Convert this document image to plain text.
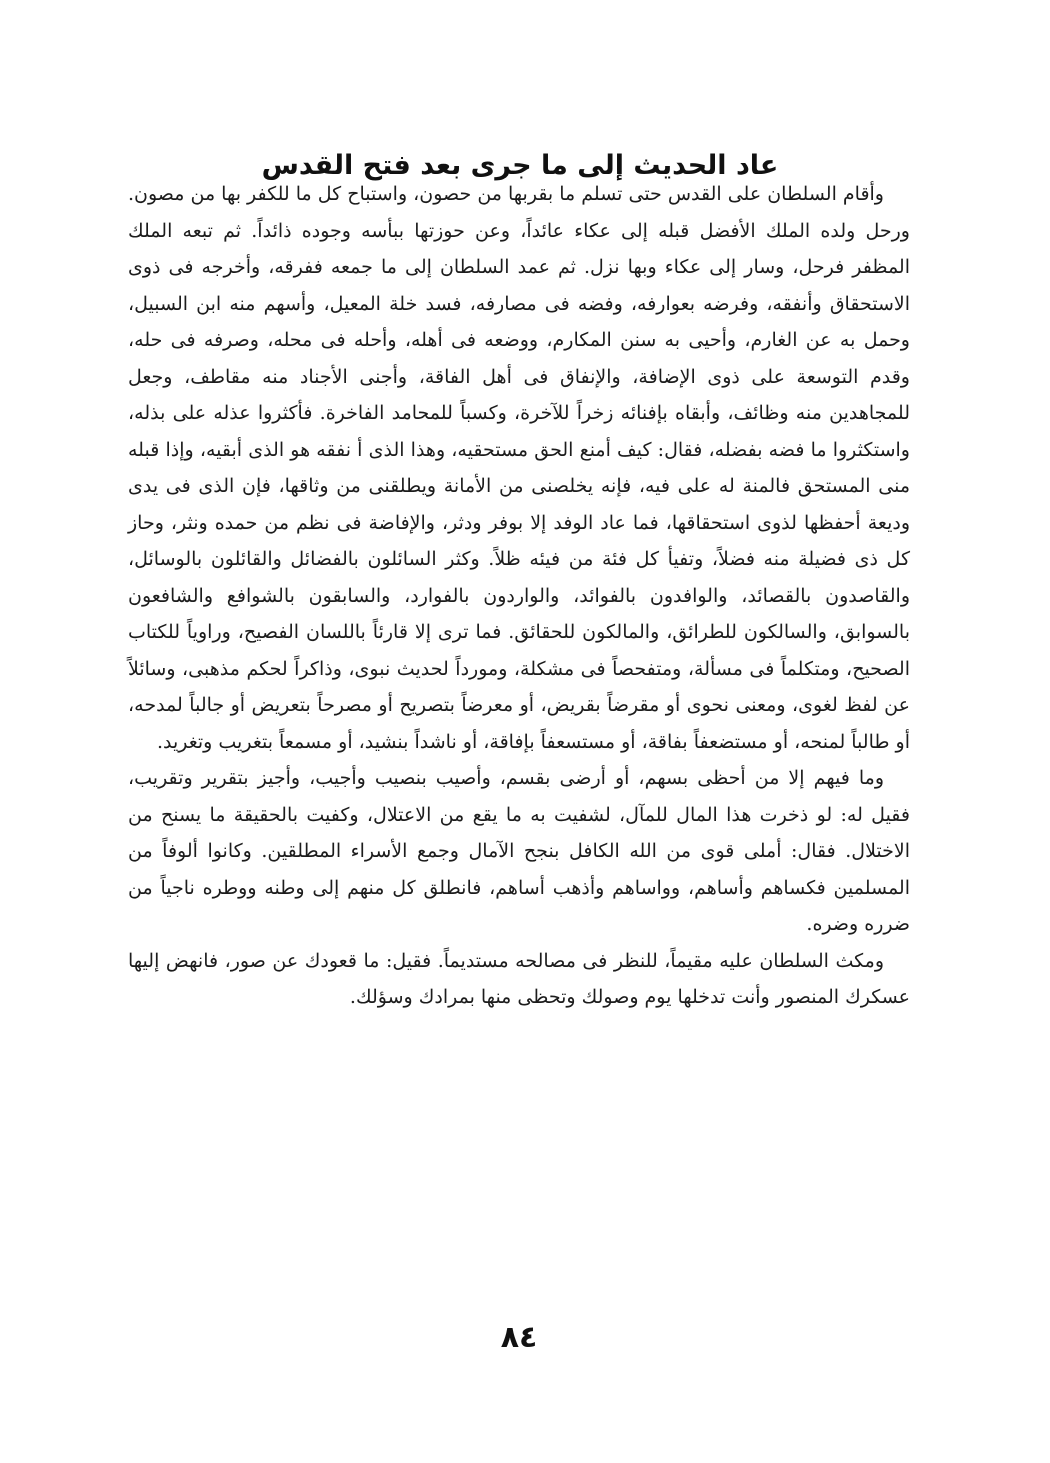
عاد الحديث إلى ما جرى بعد فتح القدس

وأقام السلطان على القدس حتى تسلم ما بقربها من حصون، واستباح كل ما للكفر بها من مصون. ورحل ولده الملك الأفضل قبله إلى عكاء عائداً، وعن حوزتها ببأسه وجوده ذائداً. ثم تبعه الملك المظفر فرحل، وسار إلى عكاء وبها نزل. ثم عمد السلطان إلى ما جمعه ففرقه، وأخرجه فى ذوى الاستحقاق وأنفقه، وفرضه بعوارفه، وفضه فى مصارفه، فسد خلة المعيل، وأسهم منه ابن السبيل، وحمل به عن الغارم، وأحيى به سنن المكارم، ووضعه فى أهله، وأحله فى محله، وصرفه فى حله، وقدم التوسعة على ذوى الإضافة، والإنفاق فى أهل الفاقة، وأجنى الأجناد منه مقاطف، وجعل للمجاهدين منه وظائف، وأبقاه بإفنائه زخراً للآخرة، وكسباً للمحامد الفاخرة. فأكثروا عذله على بذله، واستكثروا ما فضه بفضله، فقال: كيف أمنع الحق مستحقيه، وهذا الذى أ نفقه هو الذى أبقيه، وإذا قبله منى المستحق فالمنة له على فيه، فإنه يخلصنى من الأمانة ويطلقنى من وثاقها، فإن الذى فى يدى وديعة أحفظها لذوى استحقاقها، فما عاد الوفد إلا بوفر ودثر، والإفاضة فى نظم من حمده ونثر، وحاز كل ذى فضيلة منه فضلاً، وتفيأ كل فئة من فيئه ظلاً. وكثر السائلون بالفضائل والقائلون بالوسائل، والقاصدون بالقصائد، والوافدون بالفوائد، والواردون بالفوارد، والسابقون بالشوافع والشافعون بالسوابق، والسالكون للطرائق، والمالكون للحقائق. فما ترى إلا قارئاً باللسان الفصيح، وراوياً للكتاب الصحيح، ومتكلماً فى مسألة، ومتفحصاً فى مشكلة، ومورداً لحديث نبوى، وذاكراً لحكم مذهبى، وسائلاً عن لفظ لغوى، ومعنى نحوى أو مقرضاً بقريض، أو معرضاً بتصريح أو مصرحاً بتعريض أو جالباً لمدحه، أو طالباً لمنحه، أو مستضعفاً بفاقة، أو مستسعفاً بإفاقة، أو ناشداً بنشيد، أو مسمعاً بتغريب وتغريد.

وما فيهم إلا من أحظى بسهم، أو أرضى بقسم، وأصيب بنصيب وأجيب، وأجيز بتقرير وتقريب، فقيل له: لو ذخرت هذا المال للمآل، لشفيت به ما يقع من الاعتلال، وكفيت بالحقيقة ما يسنح من الاختلال. فقال: أملى قوى من الله الكافل بنجح الآمال وجمع الأسراء المطلقين. وكانوا ألوفاً من المسلمين فكساهم وأساهم، وواساهم وأذهب أساهم، فانطلق كل منهم إلى وطنه ووطره ناجياً من ضرره وضره.

ومكث السلطان عليه مقيماً، للنظر فى مصالحه مستديماً. فقيل: ما قعودك عن صور، فانهض إليها عسكرك المنصور وأنت تدخلها يوم وصولك وتحظى منها بمرادك وسؤلك.

٨٤
